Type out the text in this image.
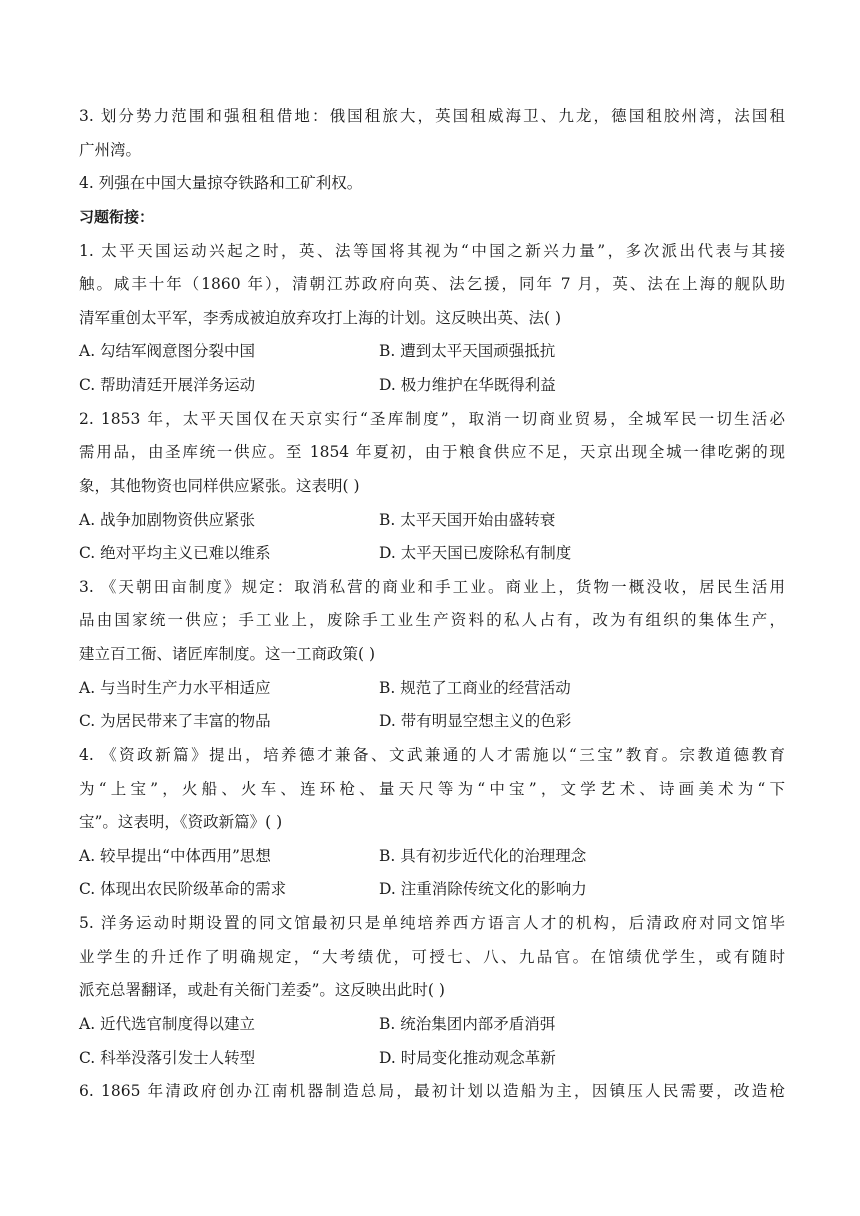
3. 划分势力范围和强租租借地：俄国租旅大，英国租威海卫、九龙，德国租胶州湾，法国租
广州湾。
4. 列强在中国大量掠夺铁路和工矿利权。
习题衔接：
1. 太平天国运动兴起之时，英、法等国将其视为“中国之新兴力量”，多次派出代表与其接
触。咸丰十年（1860 年），清朝江苏政府向英、法乞援，同年 7 月，英、法在上海的舰队助
清军重创太平军，李秀成被迫放弃攻打上海的计划。这反映出英、法( )
A. 勾结军阀意图分裂中国	B. 遭到太平天国顽强抵抗
C. 帮助清廷开展洋务运动	D. 极力维护在华既得利益
2. 1853 年，太平天国仅在天京实行“圣库制度”，取消一切商业贸易，全城军民一切生活必
需用品，由圣库统一供应。至 1854 年夏初，由于粮食供应不足，天京出现全城一律吃粥的现
象，其他物资也同样供应紧张。这表明( )
A. 战争加剧物资供应紧张	B. 太平天国开始由盛转衰
C. 绝对平均主义已难以维系	D. 太平天国已废除私有制度
3. 《天朝田亩制度》规定：取消私营的商业和手工业。商业上，货物一概没收，居民生活用
品由国家统一供应；手工业上，废除手工业生产资料的私人占有，改为有组织的集体生产，
建立百工衙、诸匠库制度。这一工商政策( )
A. 与当时生产力水平相适应	B. 规范了工商业的经营活动
C. 为居民带来了丰富的物品	D. 带有明显空想主义的色彩
4. 《资政新篇》提出，培养德才兼备、文武兼通的人才需施以“三宝”教育。宗教道德教育
为“上宝”，火船、火车、连环枪、量天尺等为“中宝”，文学艺术、诗画美术为“下
宝”。这表明，《资政新篇》( )
A. 较早提出“中体西用”思想	B. 具有初步近代化的治理理念
C. 体现出农民阶级革命的需求	D. 注重消除传统文化的影响力
5. 洋务运动时期设置的同文馆最初只是单纯培养西方语言人才的机构，后清政府对同文馆毕
业学生的升迁作了明确规定，“大考绩优，可授七、八、九品官。在馆绩优学生，或有随时
派充总署翻译，或赴有关衙门差委”。这反映出此时( )
A. 近代选官制度得以建立	B. 统治集团内部矛盾消弭
C. 科举没落引发士人转型	D. 时局变化推动观念革新
6. 1865 年清政府创办江南机器制造总局，最初计划以造船为主，因镇压人民需要，改造枪
